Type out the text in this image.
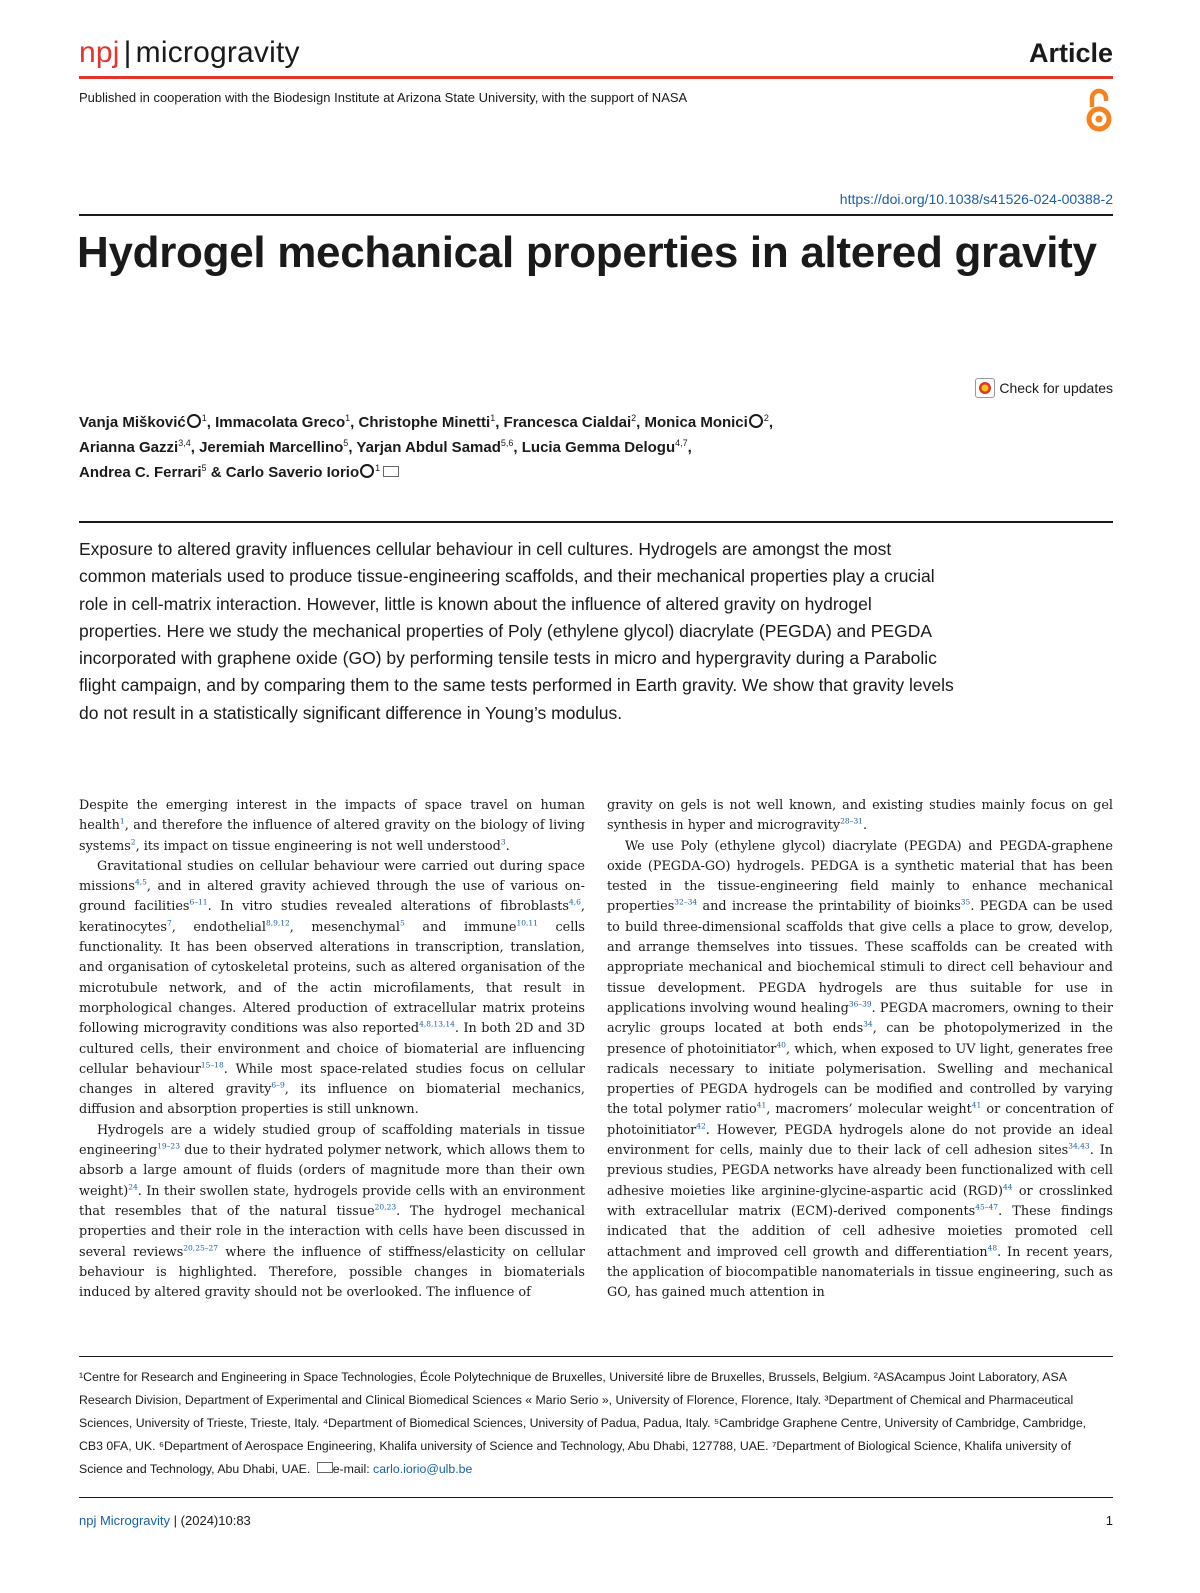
npj | microgravity	Article
Published in cooperation with the Biodesign Institute at Arizona State University, with the support of NASA
https://doi.org/10.1038/s41526-024-00388-2
Hydrogel mechanical properties in altered gravity
Check for updates
Vanja Mišković $^1$, Immacolata Greco$^1$, Christophe Minetti$^1$, Francesca Cialdai$^2$, Monica Monici $^2$,
Arianna Gazzi$^{3,4}$, Jeremiah Marcellino$^5$, Yarjan Abdul Samad$^{5,6}$, Lucia Gemma Delogu$^{4,7}$,
Andrea C. Ferrari$^5$ & Carlo Saverio Iorio $^1$

Exposure to altered gravity influences cellular behaviour in cell cultures. Hydrogels are amongst the most common materials used to produce tissue-engineering scaffolds, and their mechanical properties play a crucial role in cell-matrix interaction. However, little is known about the influence of altered gravity on hydrogel properties. Here we study the mechanical properties of Poly (ethylene glycol) diacrylate (PEGDA) and PEGDA incorporated with graphene oxide (GO) by performing tensile tests in micro and hypergravity during a Parabolic flight campaign, and by comparing them to the same tests performed in Earth gravity. We show that gravity levels do not result in a statistically significant difference in Young’s modulus.

Despite the emerging interest in the impacts of space travel on human health$^1$, and therefore the influence of altered gravity on the biology of living systems$^2$, its impact on tissue engineering is not well understood$^3$.

Gravitational studies on cellular behaviour were carried out during space missions$^{4,5}$, and in altered gravity achieved through the use of various on-ground facilities$^{6-11}$. In vitro studies revealed alterations of fibroblasts$^{4,6}$, keratinocytes$^7$, endothelial$^{8,9,12}$, mesenchymal$^5$ and immune$^{10,11}$ cells functionality. It has been observed alterations in transcription, translation, and organisation of cytoskeletal proteins, such as altered organisation of the microtubule network, and of the actin microfilaments, that result in morphological changes. Altered production of extracellular matrix proteins following microgravity conditions was also reported$^{4,8,13,14}$. In both 2D and 3D cultured cells, their environment and choice of biomaterial are influencing cellular behaviour$^{15-18}$. While most space-related studies focus on cellular changes in altered gravity$^{6-9}$, its influence on biomaterial mechanics, diffusion and absorption properties is still unknown.

Hydrogels are a widely studied group of scaffolding materials in tissue engineering$^{19-23}$ due to their hydrated polymer network, which allows them to absorb a large amount of fluids (orders of magnitude more than their own weight)$^{24}$. In their swollen state, hydrogels provide cells with an environment that resembles that of the natural tissue$^{20,23}$. The hydrogel mechanical properties and their role in the interaction with cells have been discussed in several reviews$^{20,25-27}$ where the influence of stiffness/elasticity on cellular behaviour is highlighted. Therefore, possible changes in biomaterials induced by altered gravity should not be overlooked. The influence of

gravity on gels is not well known, and existing studies mainly focus on gel synthesis in hyper and microgravity$^{28-31}$.

We use Poly (ethylene glycol) diacrylate (PEGDA) and PEGDA-graphene oxide (PEGDA-GO) hydrogels. PEDGA is a synthetic material that has been tested in the tissue-engineering field mainly to enhance mechanical properties$^{32-34}$ and increase the printability of bioinks$^{35}$. PEGDA can be used to build three-dimensional scaffolds that give cells a place to grow, develop, and arrange themselves into tissues. These scaffolds can be created with appropriate mechanical and biochemical stimuli to direct cell behaviour and tissue development. PEGDA hydrogels are thus suitable for use in applications involving wound healing$^{36-39}$. PEGDA macromers, owning to their acrylic groups located at both ends$^{34}$, can be photopolymerized in the presence of photoinitiator$^{40}$, which, when exposed to UV light, generates free radicals necessary to initiate polymerisation. Swelling and mechanical properties of PEGDA hydrogels can be modified and controlled by varying the total polymer ratio$^{41}$, macromers’ molecular weight$^{41}$ or concentration of photoinitiator$^{42}$. However, PEGDA hydrogels alone do not provide an ideal environment for cells, mainly due to their lack of cell adhesion sites$^{34,43}$. In previous studies, PEGDA networks have already been functionalized with cell adhesive moieties like arginine-glycine-aspartic acid (RGD)$^{44}$ or crosslinked with extracellular matrix (ECM)-derived components$^{45-47}$. These findings indicated that the addition of cell adhesive moieties promoted cell attachment and improved cell growth and differentiation$^{48}$. In recent years, the application of biocompatible nanomaterials in tissue engineering, such as GO, has gained much attention in

¹Centre for Research and Engineering in Space Technologies, École Polytechnique de Bruxelles, Université libre de Bruxelles, Brussels, Belgium. ²ASAcampus Joint Laboratory, ASA Research Division, Department of Experimental and Clinical Biomedical Sciences « Mario Serio », University of Florence, Florence, Italy. ³Department of Chemical and Pharmaceutical Sciences, University of Trieste, Trieste, Italy. ⁴Department of Biomedical Sciences, University of Padua, Padua, Italy. ⁵Cambridge Graphene Centre, University of Cambridge, Cambridge, CB3 0FA, UK. ⁶Department of Aerospace Engineering, Khalifa university of Science and Technology, Abu Dhabi, 127788, UAE. ⁷Department of Biological Science, Khalifa university of Science and Technology, Abu Dhabi, UAE. e-mail: carlo.iorio@ulb.be
npj Microgravity | (2024)10:83	1
